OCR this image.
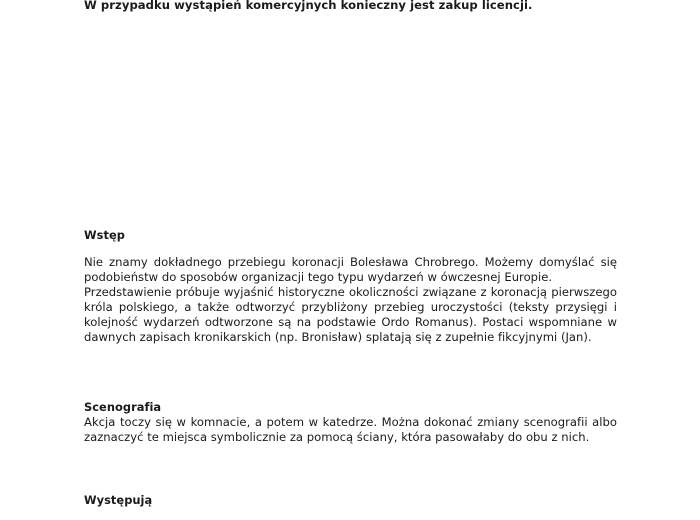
W przypadku wystąpień komercyjnych konieczny jest zakup licencji.
Wstęp

Nie znamy dokładnego przebiegu koronacji Bolesława Chrobrego. Możemy domyślać się podobieństw do sposobów organizacji tego typu wydarzeń w ówczesnej Europie.

Przedstawienie próbuje wyjaśnić historyczne okoliczności związane z koronacją pierwszego króla polskiego, a także odtworzyć przybliżony przebieg uroczystości (teksty przysięgi i kolejność wydarzeń odtworzone są na podstawie Ordo Romanus). Postaci wspomniane w dawnych zapisach kronikarskich (np. Bronisław) splatają się z zupełnie fikcyjnymi (Jan).

Scenografia

Akcja toczy się w komnacie, a potem w katedrze. Można dokonać zmiany scenografii albo zaznaczyć te miejsca symbolicznie za pomocą ściany, która pasowałaby do obu z nich.

Występują
